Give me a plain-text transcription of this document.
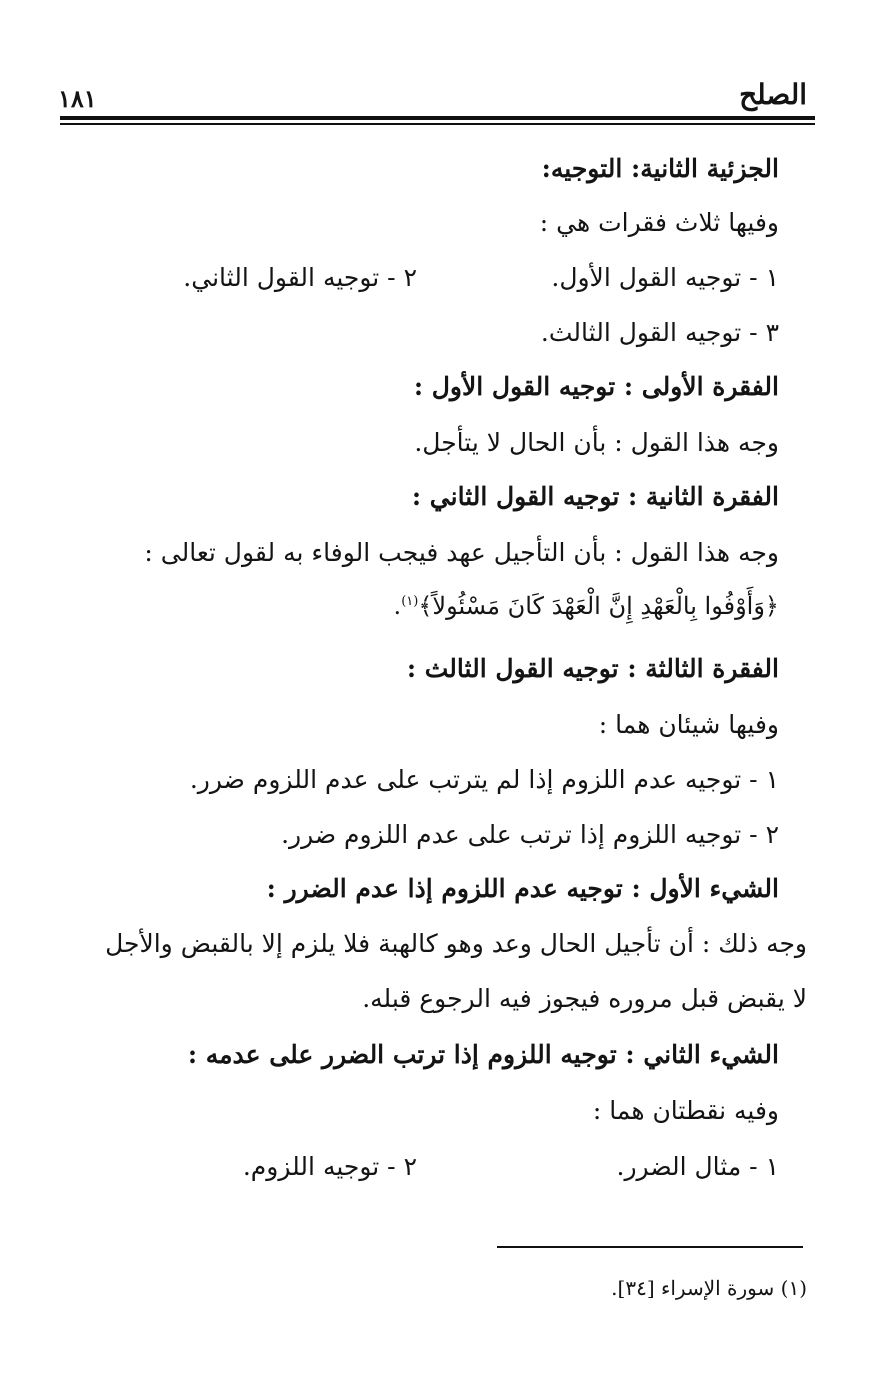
الصلح
١٨١
الجزئية الثانية: التوجيه:
وفيها ثلاث فقرات هي :
١ - توجيه القول الأول.
٢ - توجيه القول الثاني.
٣ - توجيه القول الثالث.
الفقرة الأولى : توجيه القول الأول :
وجه هذا القول : بأن الحال لا يتأجل.
الفقرة الثانية : توجيه القول الثاني :
وجه هذا القول : بأن التأجيل عهد فيجب الوفاء به لقول تعالى :
﴿وَأَوْفُوا بِالْعَهْدِ إِنَّ الْعَهْدَ كَانَ مَسْئُولاً﴾$^{(١)}$.
الفقرة الثالثة : توجيه القول الثالث :
وفيها شيئان هما :
١ - توجيه عدم اللزوم إذا لم يترتب على عدم اللزوم ضرر.
٢ - توجيه اللزوم إذا ترتب على عدم اللزوم ضرر.
الشيء الأول : توجيه عدم اللزوم إذا عدم الضرر :
وجه ذلك : أن تأجيل الحال وعد وهو كالهبة فلا يلزم إلا بالقبض والأجل
لا يقبض قبل مروره فيجوز فيه الرجوع قبله.
الشيء الثاني : توجيه اللزوم إذا ترتب الضرر على عدمه :
وفيه نقطتان هما :
١ - مثال الضرر.
٢ - توجيه اللزوم.
(١) سورة الإسراء [٣٤].
